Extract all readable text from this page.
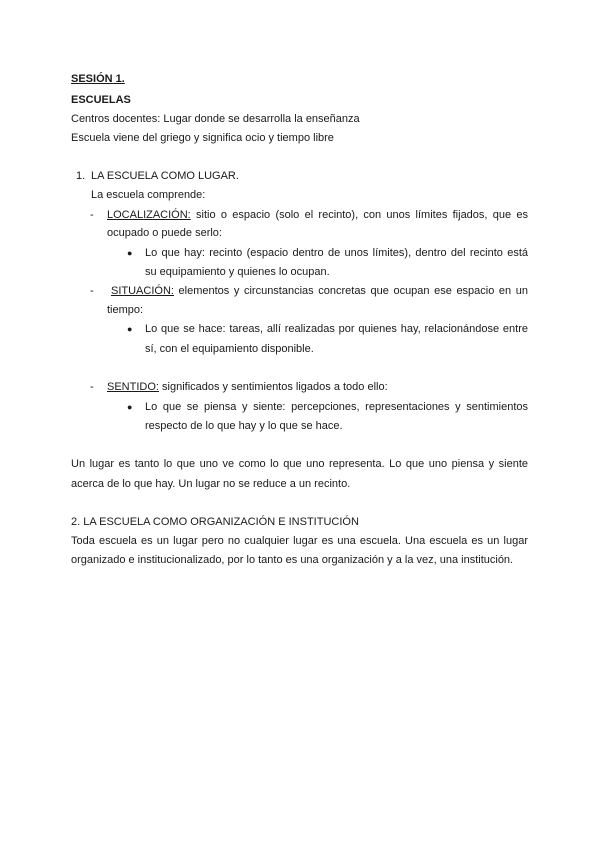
SESIÓN 1.
ESCUELAS
Centros docentes: Lugar donde se desarrolla la enseñanza
Escuela viene del griego y significa ocio y tiempo libre
1. LA ESCUELA COMO LUGAR.
La escuela comprende:
- LOCALIZACIÓN: sitio o espacio (solo el recinto), con unos límites fijados, que es
ocupado o puede serlo:
● Lo que hay: recinto (espacio dentro de unos límites), dentro del recinto está
su equipamiento y quienes lo ocupan.
- SITUACIÓN: elementos y circunstancias concretas que ocupan ese espacio en un
tiempo:
● Lo que se hace: tareas, allí realizadas por quienes hay, relacionándose entre
sí, con el equipamiento disponible.
- SENTIDO: significados y sentimientos ligados a todo ello:
● Lo que se piensa y siente: percepciones, representaciones y sentimientos
respecto de lo que hay y lo que se hace.
Un lugar es tanto lo que uno ve como lo que uno representa. Lo que uno piensa y siente
acerca de lo que hay. Un lugar no se reduce a un recinto.
2. LA ESCUELA COMO ORGANIZACIÓN E INSTITUCIÓN
Toda escuela es un lugar pero no cualquier lugar es una escuela. Una escuela es un lugar
organizado e institucionalizado, por lo tanto es una organización y a la vez, una institución.
